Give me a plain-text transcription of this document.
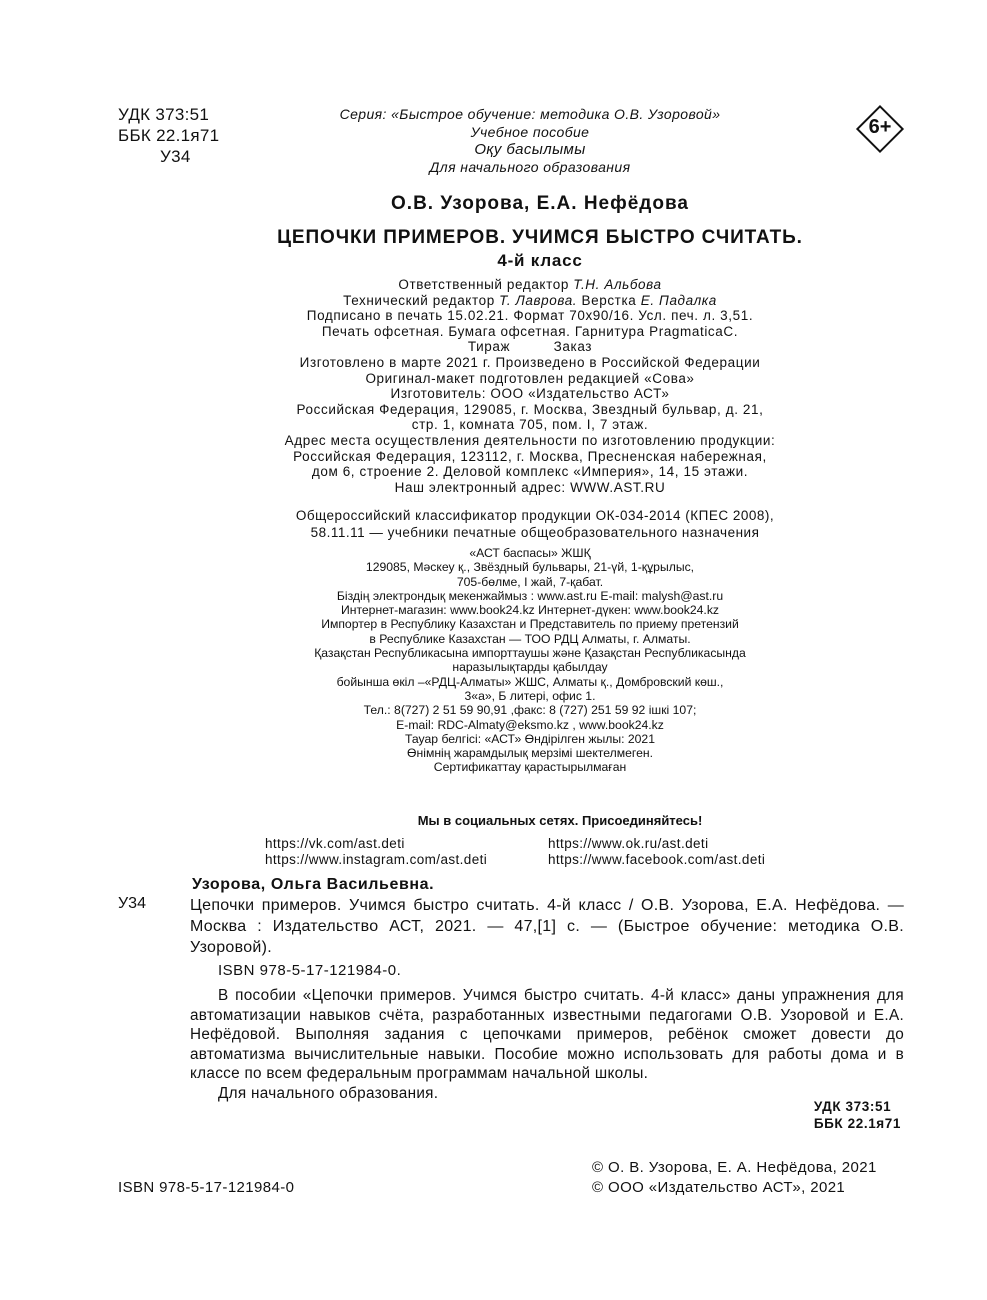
УДК 373:51
ББК 22.1я71
У34
Серия: «Быстрое обучение: методика О.В. Узоровой»
Учебное пособие
Оқу басылымы
Для начального образования
6+
О.В. Узорова, Е.А. Нефёдова
ЦЕПОЧКИ ПРИМЕРОВ. УЧИМСЯ БЫСТРО СЧИТАТЬ.
4-й класс
Ответственный редактор Т.Н. Альбова
Технический редактор Т. Лаврова. Верстка Е. Падалка
Подписано в печать 15.02.21. Формат 70x90/16. Усл. печ. л. 3,51.
Печать офсетная. Бумага офсетная. Гарнитура PragmaticaC.
Тираж          Заказ
Изготовлено в марте 2021 г. Произведено в Российской Федерации
Оригинал-макет подготовлен редакцией «Сова»
Изготовитель: ООО «Издательство АСТ»
Российская Федерация, 129085, г. Москва, Звездный бульвар, д. 21,
стр. 1, комната 705, пом. I, 7 этаж.
Адрес места осуществления деятельности по изготовлению продукции:
Российская Федерация, 123112, г. Москва, Пресненская набережная,
дом 6, строение 2. Деловой комплекс «Империя», 14, 15 этажи.
Наш электронный адрес: WWW.AST.RU
Общероссийский классификатор продукции ОК-034-2014 (КПЕС 2008),
58.11.11 — учебники печатные общеобразовательного назначения
«АСТ баспасы» ЖШҚ
129085, Мәскеу қ., Звёздный бульвары, 21-үй, 1-құрылыс,
705-бөлме, I жай, 7-қабат.
Біздің электрондық мекенжаймыз : www.ast.ru E-mail: malysh@ast.ru
Интернет-магазин: www.book24.kz Интернет-дүкен: www.book24.kz
Импортер в Республику Казахстан и Представитель по приему претензий
в Республике Казахстан — ТОО РДЦ Алматы, г. Алматы.
Қазақстан Республикасына импорттаушы және Қазақстан Республикасында
наразылықтарды қабылдау
бойынша өкіл –«РДЦ-Алматы» ЖШС, Алматы қ., Домбровский көш.,
3«а», Б литері, офис 1.
Тел.: 8(727) 2 51 59 90,91 ,факс: 8 (727) 251 59 92 ішкі 107;
E-mail: RDC-Almaty@eksmo.kz , www.book24.kz
Тауар белгісі: «АСТ» Өндірілген жылы: 2021
Өнімнің жарамдылық мерзімі шектелмеген.
Сертификаттау қарастырылмаған
Мы в социальных сетях. Присоединяйтесь!
https://vk.com/ast.deti
https://www.instagram.com/ast.deti
https://www.ok.ru/ast.deti
https://www.facebook.com/ast.deti
Узорова, Ольга Васильевна.
У34	Цепочки примеров. Учимся быстро считать. 4-й класс / О.В. Узорова, Е.А. Нефёдова. — Москва : Издательство АСТ, 2021. — 47,[1] с. — (Быстрое обучение: методика О.В. Узоровой).
ISBN 978-5-17-121984-0.

В пособии «Цепочки примеров. Учимся быстро считать. 4-й класс» даны упражнения для автоматизации навыков счёта, разработанных известными педагогами О.В. Узоровой и Е.А. Нефёдовой. Выполняя задания с цепочками примеров, ребёнок сможет довести до автоматизма вычислительные навыки. Пособие можно использовать для работы дома и в классе по всем федеральным программам начальной школы.

Для начального образования.

УДК 373:51
ББК 22.1я71
ISBN 978-5-17-121984-0
© О. В. Узорова, Е. А. Нефёдова, 2021
© ООО «Издательство АСТ», 2021
